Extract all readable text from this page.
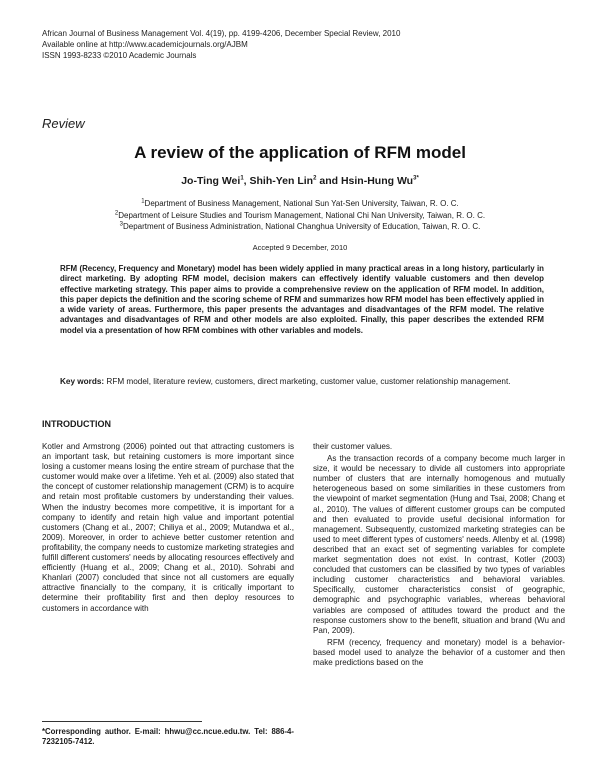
African Journal of Business Management Vol. 4(19), pp. 4199-4206, December Special Review, 2010
Available online at http://www.academicjournals.org/AJBM
ISSN 1993-8233 ©2010 Academic Journals
Review
A review of the application of RFM model
Jo-Ting Wei$^1$, Shih-Yen Lin$^2$ and Hsin-Hung $Wu^{3*}$
$^1$Department of Business Management, National Sun Yat-Sen University, Taiwan, R. O. C.
$^2$Department of Leisure Studies and Tourism Management, National Chi Nan University, Taiwan, R. O. C.
$^3$Department of Business Administration, National Changhua University of Education, Taiwan, R. O. C.
Accepted 9 December, 2010
RFM (Recency, Frequency and Monetary) model has been widely applied in many practical areas in a long history, particularly in direct marketing. By adopting RFM model, decision makers can effectively identify valuable customers and then develop effective marketing strategy. This paper aims to provide a comprehensive review on the application of RFM model. In addition, this paper depicts the definition and the scoring scheme of RFM and summarizes how RFM model has been effectively applied in a wide variety of areas. Furthermore, this paper presents the advantages and disadvantages of the RFM model. The relative advantages and disadvantages of RFM and other models are also exploited. Finally, this paper describes the extended RFM model via a presentation of how RFM combines with other variables and models.
Key words: RFM model, literature review, customers, direct marketing, customer value, customer relationship management.
INTRODUCTION

Kotler and Armstrong (2006) pointed out that attracting customers is an important task, but retaining customers is more important since losing a customer means losing the entire stream of purchase that the customer would make over a lifetime. Yeh et al. (2009) also stated that the concept of customer relationship management (CRM) is to acquire and retain most profitable customers by understanding their values. When the industry becomes more competitive, it is important for a company to identify and retain high value and important potential customers (Chang et al., 2007; Chiliya et al., 2009; Mutandwa et al., 2009). Moreover, in order to achieve better customer retention and profitability, the company needs to customize marketing strategies and fulfill different customers' needs by allocating resources effectively and efficiently (Huang et al., 2009; Chang et al., 2010). Sohrabi and Khanlari (2007) concluded that since not all customers are equally attractive financially to the company, it is critically important to determine their profitability first and then deploy resources to customers in accordance with

their customer values.

As the transaction records of a company become much larger in size, it would be necessary to divide all customers into appropriate number of clusters that are internally homogenous and mutually heterogeneous based on some similarities in these customers from the viewpoint of market segmentation (Hung and Tsai, 2008; Chang et al., 2010). The values of different customer groups can be computed and then evaluated to provide useful decisional information for management. Subsequently, customized marketing strategies can be used to meet different types of customers' needs. Allenby et al. (1998) described that an exact set of segmenting variables for complete market segmentation does not exist. In contrast, Kotler (2003) concluded that customers can be classified by two types of variables including customer characteristics and behavioral variables. Specifically, customer characteristics consist of geographic, demographic and psychographic variables, whereas behavioral variables are composed of attitudes toward the product and the response customers show to the benefit, situation and brand (Wu and Pan, 2009).

RFM (recency, frequency and monetary) model is a behavior-based model used to analyze the behavior of a customer and then make predictions based on the

*Corresponding author. E-mail: hhwu@cc.ncue.edu.tw. Tel: 886-4-7232105-7412.
